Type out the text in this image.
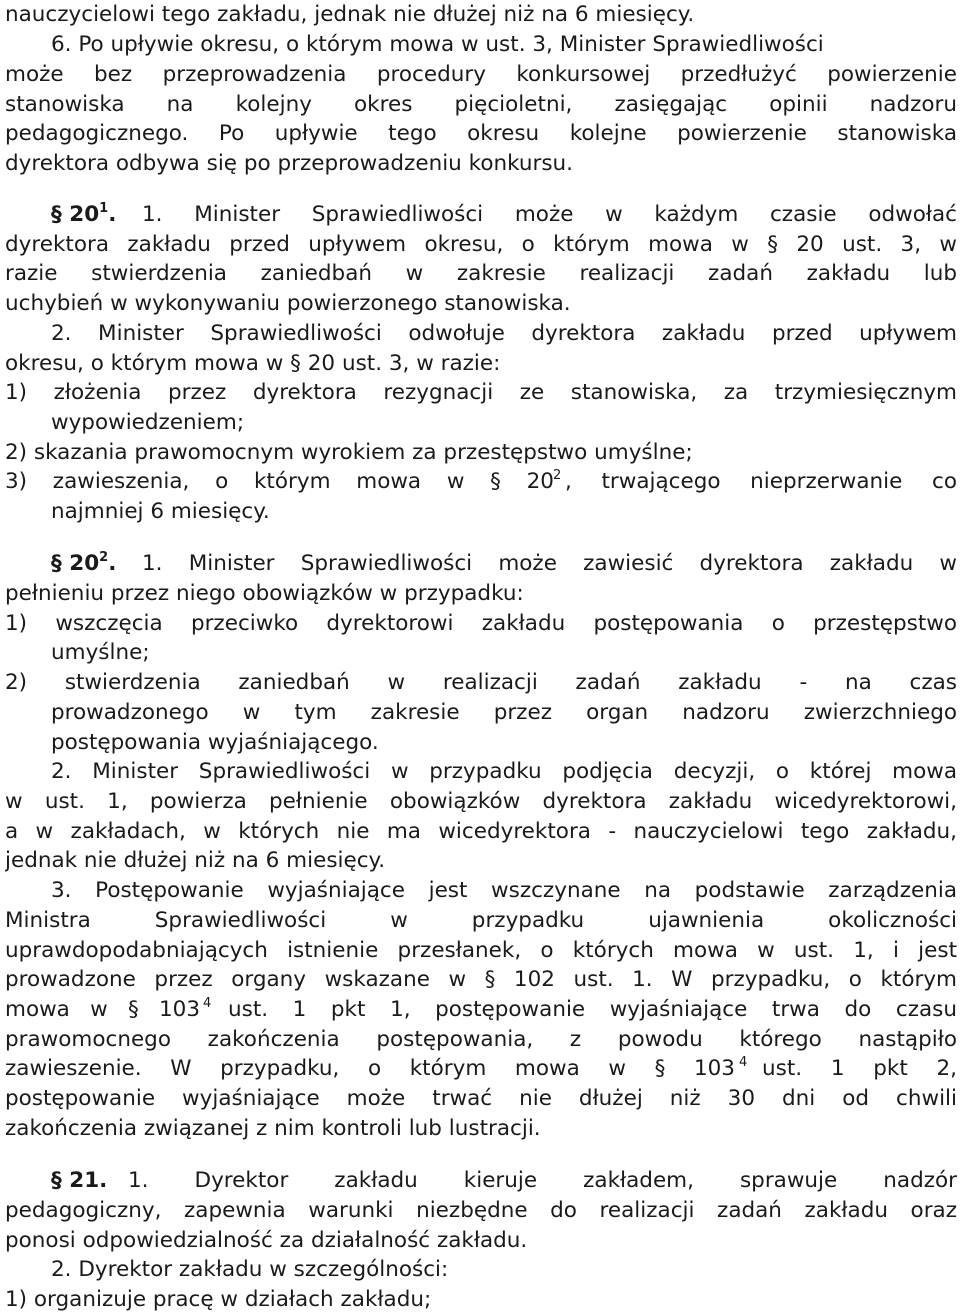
nauczycielowi tego zakładu, jednak nie dłużej niż na 6 miesięcy.
6. Po upływie okresu, o którym mowa w ust. 3, Minister Sprawiedliwości
może bez przeprowadzenia procedury konkursowej przedłużyć powierzenie
stanowiska na kolejny okres pięcioletni, zasięgając opinii nadzoru
pedagogicznego. Po upływie tego okresu kolejne powierzenie stanowiska
dyrektora odbywa się po przeprowadzeniu konkursu.
§ $20^1$.	1. Minister Sprawiedliwości może w każdym czasie odwołać
dyrektora zakładu przed upływem okresu, o którym mowa w § 20 ust. 3, w
razie stwierdzenia zaniedbań w zakresie realizacji zadań zakładu lub
uchybień w wykonywaniu powierzonego stanowiska.
2. Minister Sprawiedliwości odwołuje dyrektora zakładu przed upływem
okresu, o którym mowa w § 20 ust. 3, w razie:
1) złożenia przez dyrektora rezygnacji ze stanowiska, za trzymiesięcznym
wypowiedzeniem;
2) skazania prawomocnym wyrokiem za przestępstwo umyślne;
3) zawieszenia, o którym mowa w § 20 $^2$ , trwającego nieprzerwanie co
najmniej 6 miesięcy.
§ $20^2$.	1. Minister Sprawiedliwości może zawiesić dyrektora zakładu w
pełnieniu przez niego obowiązków w przypadku:
1) wszczęcia przeciwko dyrektorowi zakładu postępowania o przestępstwo
umyślne;
2) stwierdzenia zaniedbań w realizacji zadań zakładu - na czas
prowadzonego w tym zakresie przez organ nadzoru zwierzchniego
postępowania wyjaśniającego.
2. Minister Sprawiedliwości w przypadku podjęcia decyzji, o której mowa
w ust. 1, powierza pełnienie obowiązków dyrektora zakładu wicedyrektorowi,
a w zakładach, w których nie ma wicedyrektora - nauczycielowi tego zakładu,
jednak nie dłużej niż na 6 miesięcy.
3. Postępowanie wyjaśniające jest wszczynane na podstawie zarządzenia
Ministra Sprawiedliwości w przypadku ujawnienia okoliczności
uprawdopodabniających istnienie przesłanek, o których mowa w ust. 1, i jest
prowadzone przez organy wskazane w § 102 ust. 1. W przypadku, o którym
mowa w § 103 $^4$ ust. 1 pkt 1, postępowanie wyjaśniające trwa do czasu
prawomocnego zakończenia postępowania, z powodu którego nastąpiło
zawieszenie. W przypadku, o którym mowa w § 103 $^4$ ust. 1 pkt 2,
postępowanie wyjaśniające może trwać nie dłużej niż 30 dni od chwili
zakończenia związanej z nim kontroli lub lustracji.
§ 21. 1. Dyrektor zakładu kieruje zakładem, sprawuje nadzór
pedagogiczny, zapewnia warunki niezbędne do realizacji zadań zakładu oraz
ponosi odpowiedzialność za działalność zakładu.
2. Dyrektor zakładu w szczególności:
1) organizuje pracę w działach zakładu;
